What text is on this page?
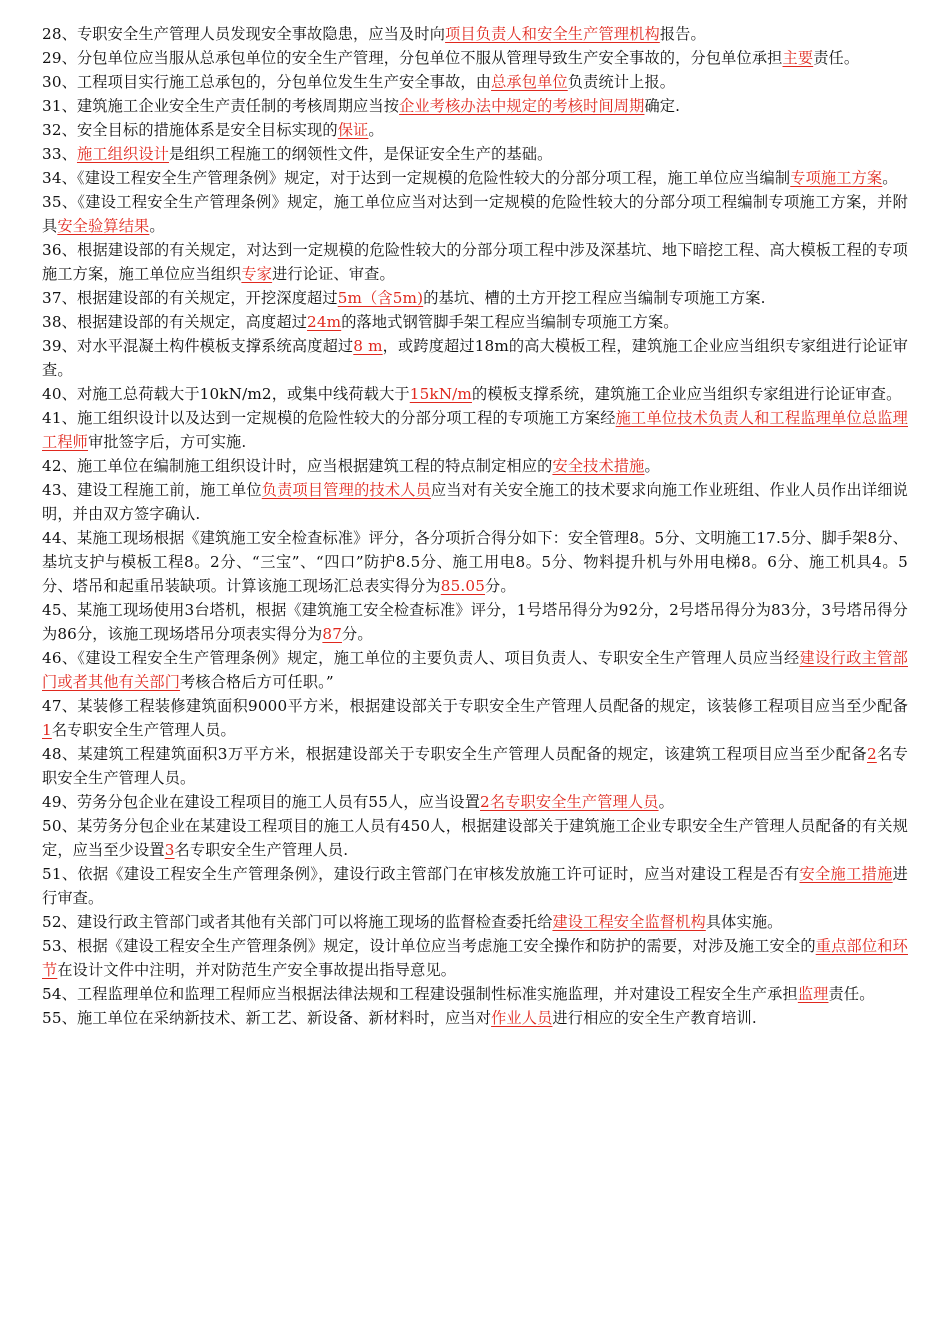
28、专职安全生产管理人员发现安全事故隐患，应当及时向项目负责人和安全生产管理机构报告。

29、分包单位应当服从总承包单位的安全生产管理，分包单位不服从管理导致生产安全事故的，分包单位承担主要责任。

30、工程项目实行施工总承包的，分包单位发生生产安全事故，由总承包单位负责统计上报。

31、建筑施工企业安全生产责任制的考核周期应当按企业考核办法中规定的考核时间周期确定.

32、安全目标的措施体系是安全目标实现的保证。

33、施工组织设计是组织工程施工的纲领性文件，是保证安全生产的基础。

34、《建设工程安全生产管理条例》规定，对于达到一定规模的危险性较大的分部分项工程，施工单位应当编制专项施工方案。

35、《建设工程安全生产管理条例》规定，施工单位应当对达到一定规模的危险性较大的分部分项工程编制专项施工方案，并附具安全验算结果。

36、根据建设部的有关规定，对达到一定规模的危险性较大的分部分项工程中涉及深基坑、地下暗挖工程、高大模板工程的专项施工方案，施工单位应当组织专家进行论证、审查。

37、根据建设部的有关规定，开挖深度超过5m（含5m)的基坑、槽的土方开挖工程应当编制专项施工方案.

38、根据建设部的有关规定，高度超过24m的落地式钢管脚手架工程应当编制专项施工方案。

39、对水平混凝土构件模板支撑系统高度超过8 m，或跨度超过18m的高大模板工程，建筑施工企业应当组织专家组进行论证审查。

40、对施工总荷载大于10kN/m2，或集中线荷载大于15kN/m的模板支撑系统，建筑施工企业应当组织专家组进行论证审查。

41、施工组织设计以及达到一定规模的危险性较大的分部分项工程的专项施工方案经施工单位技术负责人和工程监理单位总监理工程师审批签字后，方可实施.

42、施工单位在编制施工组织设计时，应当根据建筑工程的特点制定相应的安全技术措施。

43、建设工程施工前，施工单位负责项目管理的技术人员应当对有关安全施工的技术要求向施工作业班组、作业人员作出详细说明，并由双方签字确认.

44、某施工现场根据《建筑施工安全检查标准》评分，各分项折合得分如下：安全管理8。5分、文明施工17.5分、脚手架8分、基坑支护与模板工程8。2分、“三宝”、“四口”防护8.5分、施工用电8。5分、物料提升机与外用电梯8。6分、施工机具4。5分、塔吊和起重吊装缺项。计算该施工现场汇总表实得分为85.05分。

45、某施工现场使用3台塔机，根据《建筑施工安全检查标准》评分，1号塔吊得分为92分，2号塔吊得分为83分，3号塔吊得分为86分，该施工现场塔吊分项表实得分为87分。

46、《建设工程安全生产管理条例》规定，施工单位的主要负责人、项目负责人、专职安全生产管理人员应当经建设行政主管部门或者其他有关部门考核合格后方可任职。”

47、某装修工程装修建筑面积9000平方米，根据建设部关于专职安全生产管理人员配备的规定，该装修工程项目应当至少配备1名专职安全生产管理人员。

48、某建筑工程建筑面积3万平方米，根据建设部关于专职安全生产管理人员配备的规定，该建筑工程项目应当至少配备2名专职安全生产管理人员。

49、劳务分包企业在建设工程项目的施工人员有55人，应当设置2名专职安全生产管理人员。

50、某劳务分包企业在某建设工程项目的施工人员有450人，根据建设部关于建筑施工企业专职安全生产管理人员配备的有关规定，应当至少设置3名专职安全生产管理人员.

51、依据《建设工程安全生产管理条例》，建设行政主管部门在审核发放施工许可证时，应当对建设工程是否有安全施工措施进行审查。

52、建设行政主管部门或者其他有关部门可以将施工现场的监督检查委托给建设工程安全监督机构具体实施。

53、根据《建设工程安全生产管理条例》规定，设计单位应当考虑施工安全操作和防护的需要，对涉及施工安全的重点部位和环节在设计文件中注明，并对防范生产安全事故提出指导意见。

54、工程监理单位和监理工程师应当根据法律法规和工程建设强制性标准实施监理，并对建设工程安全生产承担监理责任。

55、施工单位在采纳新技术、新工艺、新设备、新材料时，应当对作业人员进行相应的安全生产教育培训.
